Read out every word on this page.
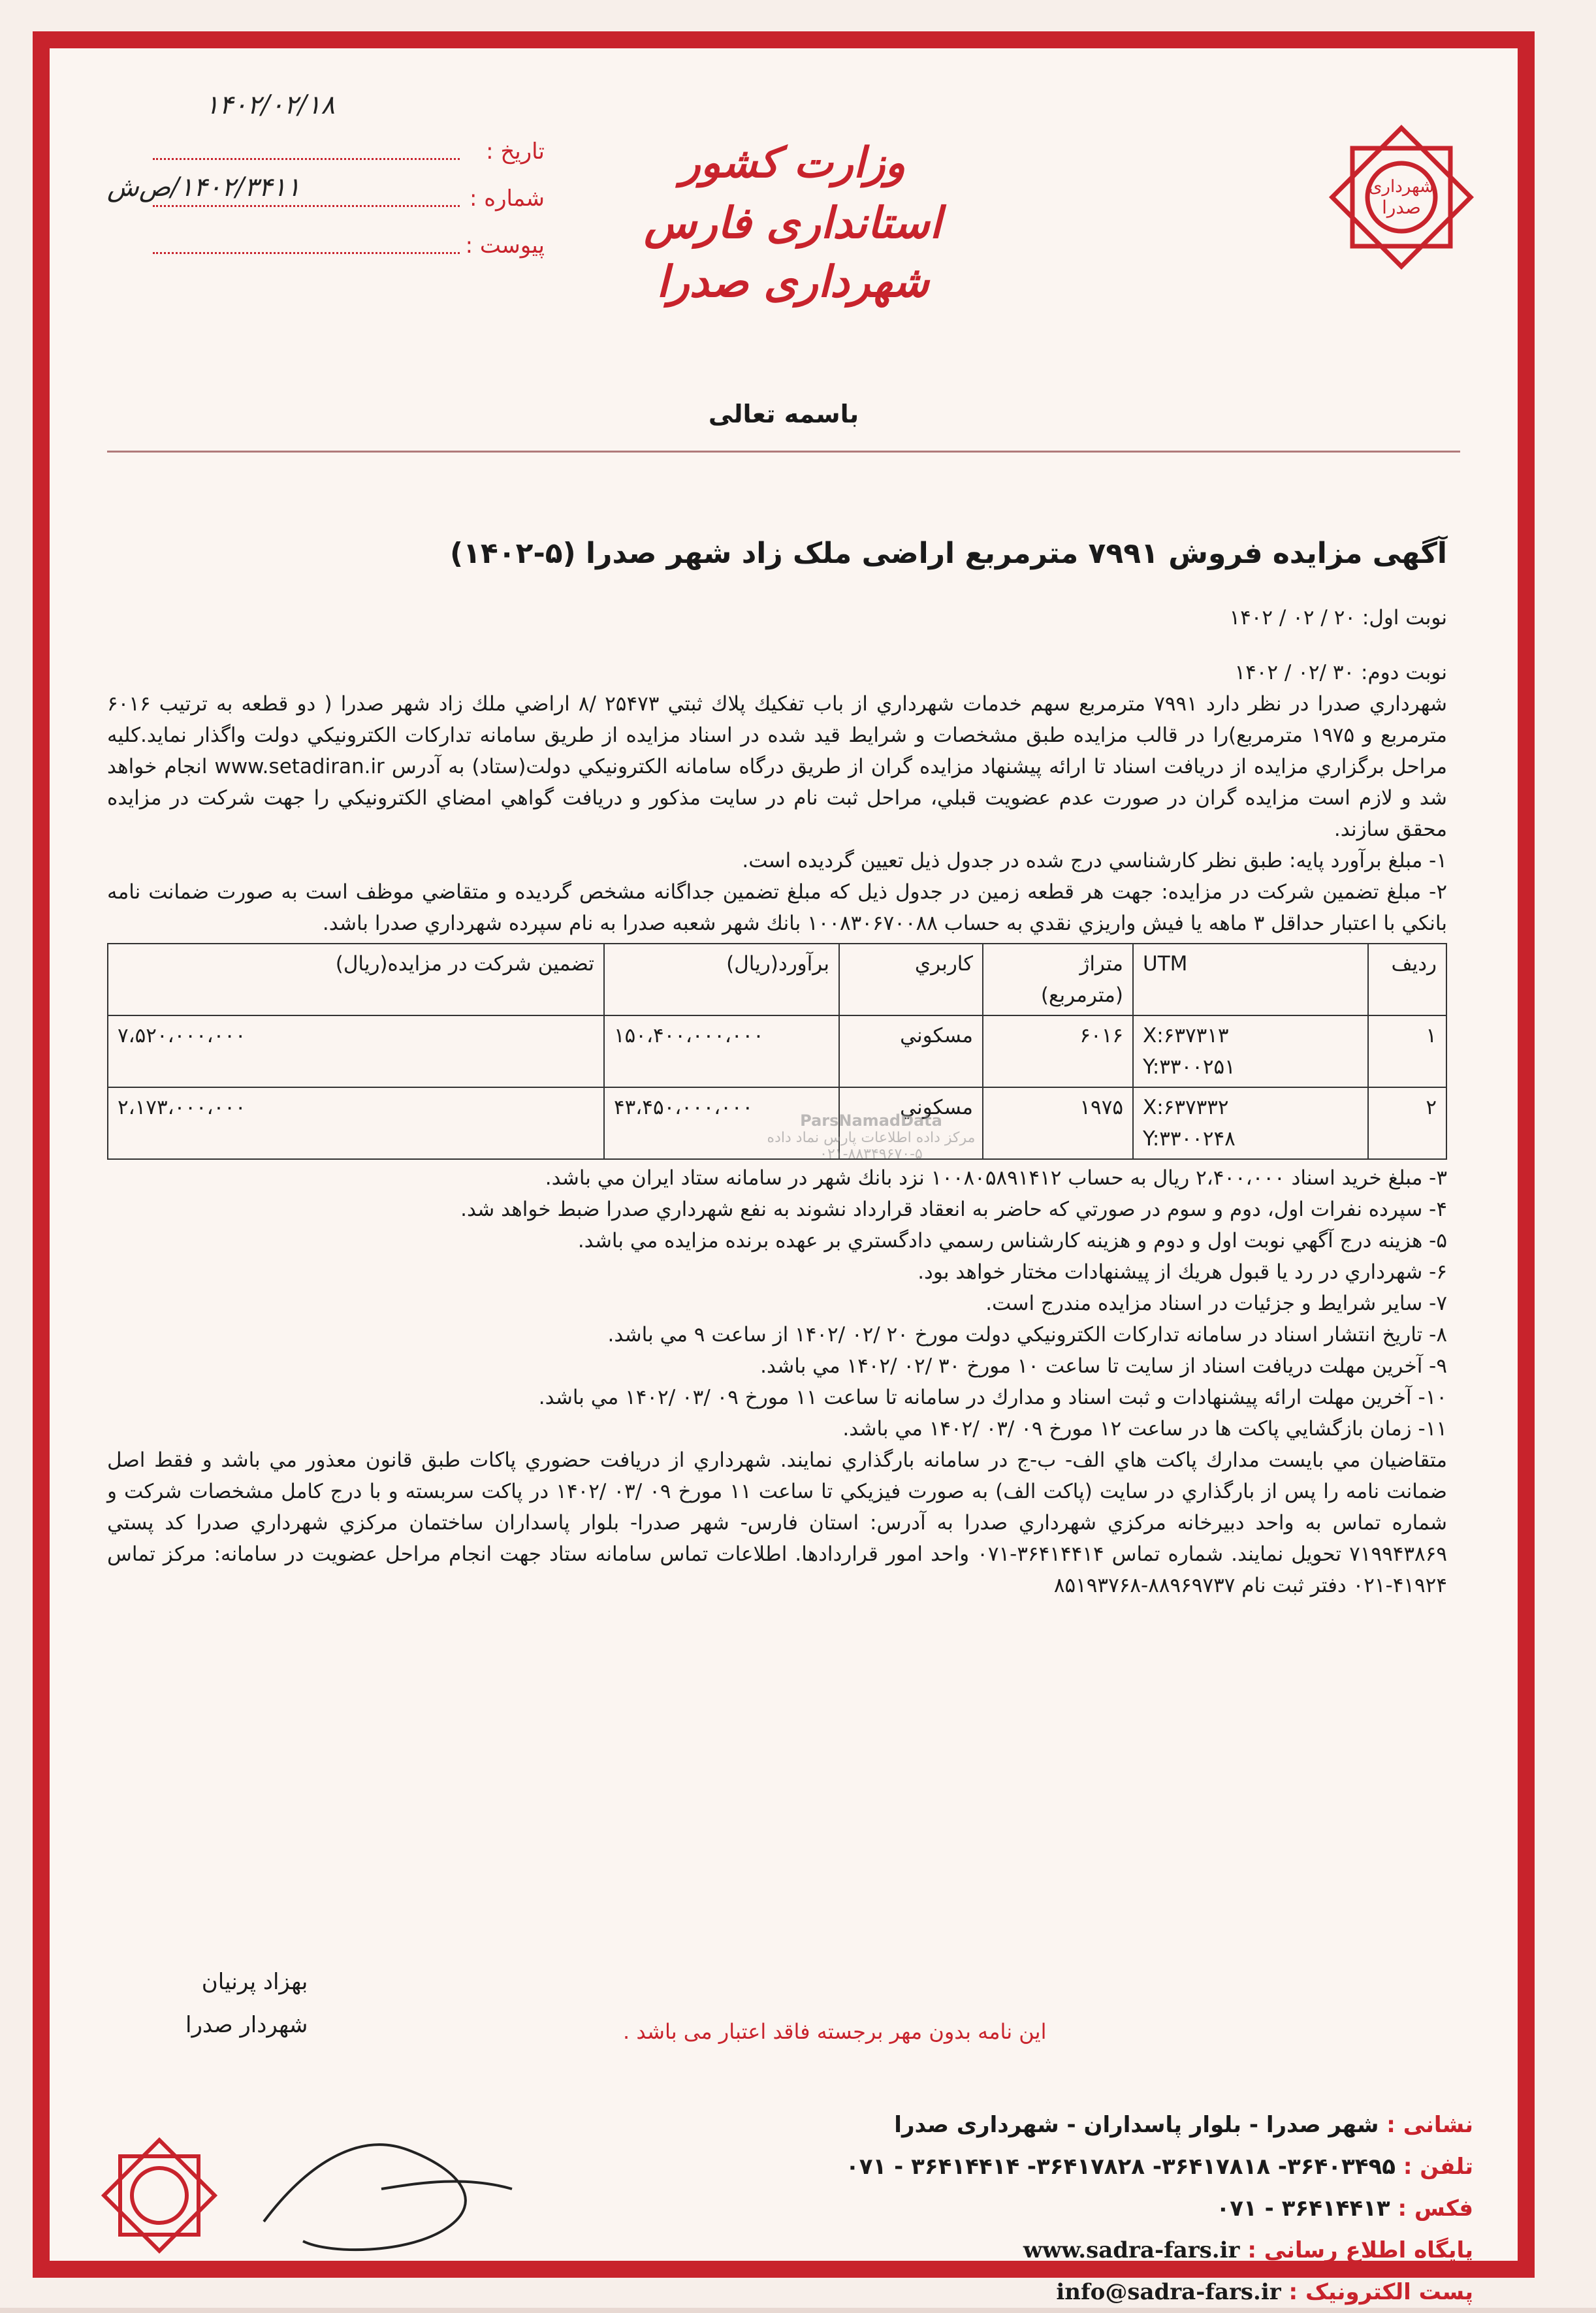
شهرداری
صدرا
وزارت کشور
استانداری فارس
شهرداری صدرا
تاریخ :
۱۴۰۲/۰۲/۱۸
شماره :
۱۴۰۲/۳۴۱۱/ص‌ش
پیوست :
باسمه تعالی
آگهی مزایده فروش ۷۹۹۱ مترمربع اراضی ملک زاد شهر صدرا (۵-۱۴۰۲)

نوبت اول: ۲۰ / ۰۲ / ۱۴۰۲

نوبت دوم: ۳۰ /۰۲ / ۱۴۰۲

شهرداري صدرا در نظر دارد ۷۹۹۱ مترمربع سهم خدمات شهرداري از باب تفكيك پلاك ثبتي ۲۵۴۷۳ /۸ اراضي ملك زاد شهر صدرا ( دو قطعه به ترتيب ۶۰۱۶ مترمربع و ۱۹۷۵ مترمربع)را در قالب مزايده طبق مشخصات و شرايط قيد شده در اسناد مزايده از طريق سامانه تداركات الكترونيكي دولت واگذار نمايد.كليه مراحل برگزاري مزايده از دريافت اسناد تا ارائه پيشنهاد مزايده گران از طريق درگاه سامانه الكترونيكي دولت(ستاد) به آدرس www.setadiran.ir انجام خواهد شد و لازم است مزايده گران در صورت عدم عضويت قبلي، مراحل ثبت نام در سايت مذكور و دريافت گواهي امضاي الكترونيكي را جهت شركت در مزايده محقق سازند.

۱- مبلغ برآورد پايه: طبق نظر كارشناسي درج شده در جدول ذيل تعيين گرديده است.

۲- مبلغ تضمين شركت در مزايده: جهت هر قطعه زمين در جدول ذيل كه مبلغ تضمين جداگانه مشخص گرديده و متقاضي موظف است به صورت ضمانت نامه بانكي با اعتبار حداقل ۳ ماهه يا فيش واريزي نقدي به حساب ۱۰۰۸۳۰۶۷۰۰۸۸ بانك شهر شعبه صدرا به نام سپرده شهرداري صدرا باشد.

رديف	UTM	متراژ (مترمربع)	كاربري	برآورد(ريال)	تضمين شركت در مزايده(ريال)
۱	X:۶۳۷۳۱۳
Y:۳۳۰۰۲۵۱	۶۰۱۶	مسكوني	۱۵۰،۴۰۰،۰۰۰،۰۰۰	۷،۵۲۰،۰۰۰،۰۰۰
۲	X:۶۳۷۳۳۲
Y:۳۳۰۰۲۴۸	۱۹۷۵	مسكوني	۴۳،۴۵۰،۰۰۰،۰۰۰	۲،۱۷۳،۰۰۰،۰۰۰

۳- مبلغ خريد اسناد ۲،۴۰۰،۰۰۰ ريال به حساب ۱۰۰۸۰۵۸۹۱۴۱۲ نزد بانك شهر در سامانه ستاد ايران مي باشد.

۴- سپرده نفرات اول، دوم و سوم در صورتي كه حاضر به انعقاد قرارداد نشوند به نفع شهرداري صدرا ضبط خواهد شد.

۵- هزينه درج آگهي نوبت اول و دوم و هزينه كارشناس رسمي دادگستري بر عهده برنده مزايده مي باشد.

۶- شهرداري در رد يا قبول هريك از پيشنهادات مختار خواهد بود.

۷- ساير شرايط و جزئيات در اسناد مزايده مندرج است.

۸- تاريخ انتشار اسناد در سامانه تداركات الكترونيكي دولت مورخ ۲۰ /۰۲ /۱۴۰۲ از ساعت ۹ مي باشد.

۹- آخرين مهلت دريافت اسناد از سايت تا ساعت ۱۰ مورخ ۳۰ /۰۲ /۱۴۰۲ مي باشد.

۱۰- آخرين مهلت ارائه پيشنهادات و ثبت اسناد و مدارك در سامانه تا ساعت ۱۱ مورخ ۰۹ /۰۳ /۱۴۰۲ مي باشد.

۱۱- زمان بازگشايي پاكت ها در ساعت ۱۲ مورخ ۰۹ /۰۳ /۱۴۰۲ مي باشد.

متقاضيان مي بايست مدارك پاكت هاي الف- ب-ج در سامانه بارگذاري نمايند. شهرداري از دريافت حضوري پاكات طبق قانون معذور مي باشد و فقط اصل ضمانت نامه را پس از بارگذاري در سايت (پاكت الف) به صورت فيزيكي تا ساعت ۱۱ مورخ ۰۹ /۰۳ /۱۴۰۲ در پاكت سربسته و با درج كامل مشخصات شركت و شماره تماس به واحد دبيرخانه مركزي شهرداري صدرا به آدرس: استان فارس- شهر صدرا- بلوار پاسداران ساختمان مركزي شهرداري صدرا كد پستي ۷۱۹۹۴۳۸۶۹ تحويل نمايند. شماره تماس ۳۶۴۱۴۴۱۴-۰۷۱ واحد امور قراردادها. اطلاعات تماس سامانه ستاد جهت انجام مراحل عضويت در سامانه: مركز تماس ۴۱۹۲۴-۰۲۱ دفتر ثبت نام ۸۸۹۶۹۷۳۷-۸۵۱۹۳۷۶۸

ParsNamadData
مركز داده اطلاعات پارس نماد داده
۰۲۱-۸۸۳۴۹۶۷۰-۵
بهزاد پرنيان
شهردار صدرا	این نامه بدون مهر برجسته فاقد اعتبار می باشد .
نشانی : شهر صدرا - بلوار پاسداران - شهرداری صدرا
تلفن : ۳۶۴۰۳۴۹۵- ۳۶۴۱۷۸۱۸- ۳۶۴۱۷۸۲۸- ۳۶۴۱۴۴۱۴ - ۰۷۱
فکس : ۳۶۴۱۴۴۱۳ - ۰۷۱
پایگاه اطلاع رسانی : www.sadra-fars.ir
پست الکترونیک : info@sadra-fars.ir
